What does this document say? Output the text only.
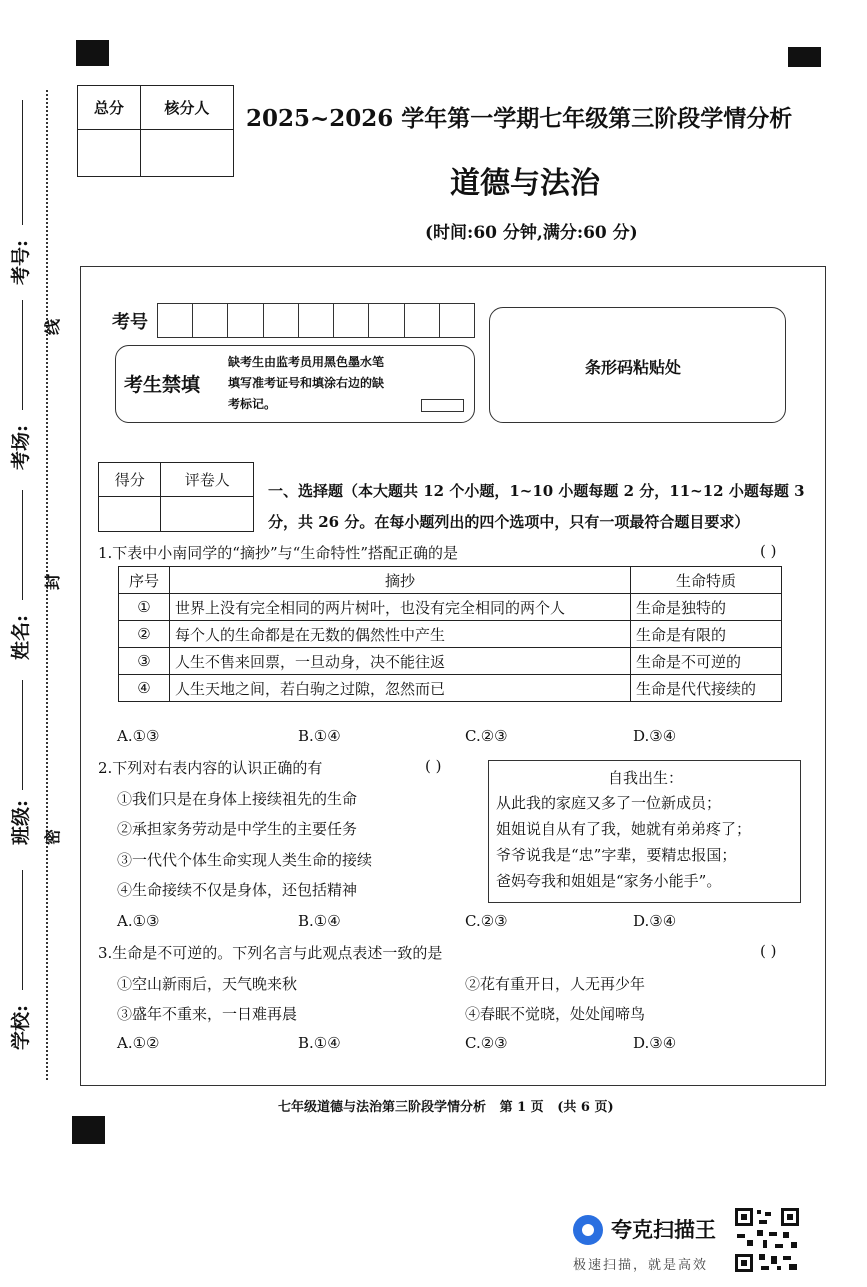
考号:
线
考场:
封
姓名:
班级: 密
学校:
总分	核分人
	2025~2026 学年第一学期七年级第三阶段学情分析
道德与法治
(时间:60 分钟,满分:60 分)
考号
考生禁填
缺考生由监考员用黑色墨水笔
填写准考证号和填涂右边的缺
考标记。
条形码粘贴处
得分	评卷人

一、选择题（本大题共 12 个小题，1~10 小题每题 2 分，11~12 小题每题 3
分，共 26 分。在每小题列出的四个选项中，只有一项最符合题目要求）
1.下表中小南同学的“摘抄”与“生命特性”搭配正确的是	( )
序号	摘抄	生命特质
①	世界上没有完全相同的两片树叶，也没有完全相同的两个人	生命是独特的
②	每个人的生命都是在无数的偶然性中产生	生命是有限的
③	人生不售来回票，一旦动身，决不能往返	生命是不可逆的
④	人生天地之间，若白驹之过隙，忽然而已	生命是代代接续的
A.①③	B.①④	C.②③	D.③④
2.下列对右表内容的认识正确的有	( )
①我们只是在身体上接续祖先的生命
②承担家务劳动是中学生的主要任务
③一代代个体生命实现人类生命的接续
④生命接续不仅是身体，还包括精神
自我出生：
从此我的家庭又多了一位新成员；
姐姐说自从有了我，她就有弟弟疼了；
爷爷说我是“忠”字辈，要精忠报国；
爸妈夸我和姐姐是“家务小能手”。
A.①③	B.①④	C.②③	D.③④
3.生命是不可逆的。下列名言与此观点表述一致的是	( )
①空山新雨后，天气晚来秋	②花有重开日，人无再少年
③盛年不重来，一日难再晨	④春眠不觉晓，处处闻啼鸟
A.①②	B.①④	C.②③	D.③④
七年级道德与法治第三阶段学情分析   第 1 页   (共 6 页)
夸克扫描王
极速扫描，就是高效
